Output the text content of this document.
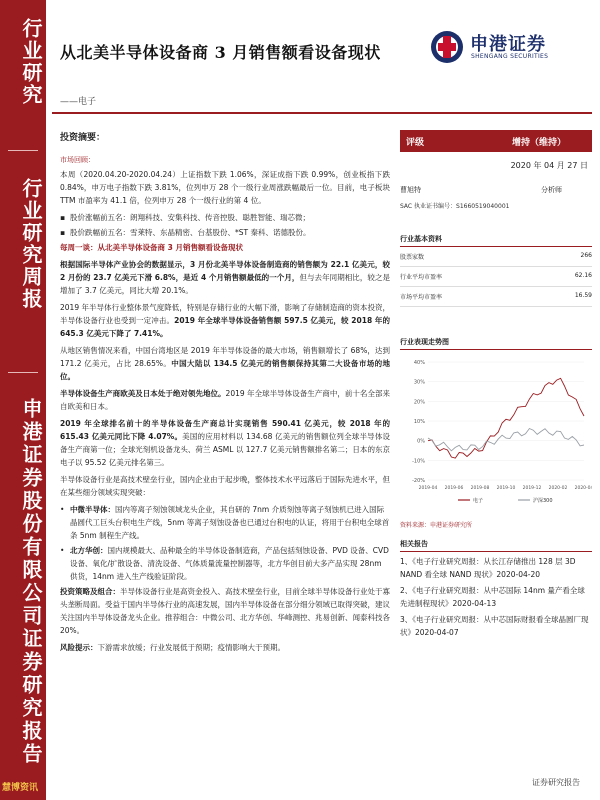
行业研究
行业研究周报
申港证券股份有限公司证券研究报告
慧博资讯
从北美半导体设备商 3 月销售额看设备现状
——电子
申港证券
SHENGANG SECURITIES
投资摘要：
市场回顾：

本周（2020.04.20-2020.04.24）上证指数下跌 1.06%，深证成指下跌 0.99%，创业板指下跌 0.84%，申万电子指数下跌 3.81%，位列申万 28 个一级行业周涨跌幅最后一位。目前，电子板块 TTM 市盈率为 41.1 倍，位列申万 28 个一级行业的第 4 位。

▪ 股价涨幅前五名：朗翔科技、安集科技、传音控股、聪胜智能、瑞芯微；
▪ 股价跌幅前五名：雪莱特、东晶精密、台基股份、*ST 秦科、诺德股份。

每周一谈：从北美半导体设备商 3 月销售额看设备现状

根据国际半导体产业协会的数据显示，3 月份北美半导体设备制造商的销售额为 22.1 亿美元，较 2 月份的 23.7 亿美元下滑 6.8%，是近 4 个月销售额最低的一个月，但与去年同期相比，较之是增加了 3.7 亿美元，同比大增 20.1%。

2019 年半导体行业整体景气度降低，特别是存储行业的大幅下滑，影响了存储制造商的资本投资，半导体设备行业也受到一定冲击。2019 年全球半导体设备销售额 597.5 亿美元，较 2018 年的 645.3 亿美元下降了 7.41%。

从地区销售情况来看，中国台湾地区是 2019 年半导体设备的最大市场，销售额增长了 68%，达到 171.2 亿美元，占比 28.65%。中国大陆以 134.5 亿美元的销售额保持其第二大设备市场的地位。

半导体设备生产商欧美及日本处于绝对领先地位。2019 年全球半导体设备生产商中，前十名全部来自欧美和日本。

2019 年全球排名前十的半导体设备生产商总计实现销售 590.41 亿美元，较 2018 年的 615.43 亿美元同比下降 4.07%。美国的应用材料以 134.68 亿美元的销售额位列全球半导体设备生产商第一位；全球光刻机设备龙头、荷兰 ASML 以 127.7 亿美元销售额排名第二；日本的东京电子以 95.52 亿美元排名第三。

半导体设备行业是高技术壁垒行业，国内企业由于起步晚，整体技术水平远落后于国际先进水平，但在某些细分领域实现突破：

• 中微半导体：国内等离子刻蚀领域龙头企业，其自研的 7nm 介质刻蚀等离子刻蚀机已进入国际晶圆代工巨头台积电生产线，5nm 等离子刻蚀设备也已通过台积电的认证，将用于台积电全球首条 5nm 制程生产线。
• 北方华创：国内规模最大、品种最全的半导体设备制造商，产品包括刻蚀设备、PVD 设备、CVD 设备、氧化/扩散设备、清洗设备、气体质量流量控制器等，北方华创目前大多产品实现 28nm 供货，14nm 进入生产线验证阶段。

投资策略及组合：半导体设备行业是高资金投入、高技术壁垒行业，目前全球半导体设备行业处于寡头垄断局面。受益于国内半导体行业的高速发展，国内半导体设备在部分细分领域已取得突破，建议关注国内半导体设备龙头企业。推荐组合：中微公司、北方华创、华峰测控、兆易创新、闻泰科技各 20%。

风险提示：下游需求放缓；行业发展低于预期；疫情影响大于预期。

评级	增持（维持）
2020 年 04 月 27 日
曹旭特	分析师
SAC 执业证书编号：S1660519040001
行业基本资料
股票家数	266
行业平均市盈率	62.16
市场平均市盈率	16.59
行业表现走势图
40%
30%
20%
10%
0%
-10%
-20%
2019-04 2019-06 2019-08 2019-10 2019-12 2020-02 2020-04
电子	沪深300
资料来源：申港证券研究所
相关报告
1、《电子行业研究周报：从长江存储推出 128 层 3D NAND 看全球 NAND 现状》2020-04-20
2、《电子行业研究周报：从中芯国际 14nm 量产看全球先进制程现状》2020-04-13
3、《电子行业研究周报：从中芯国际财报看全球晶圆厂现状》2020-04-07
证券研究报告
